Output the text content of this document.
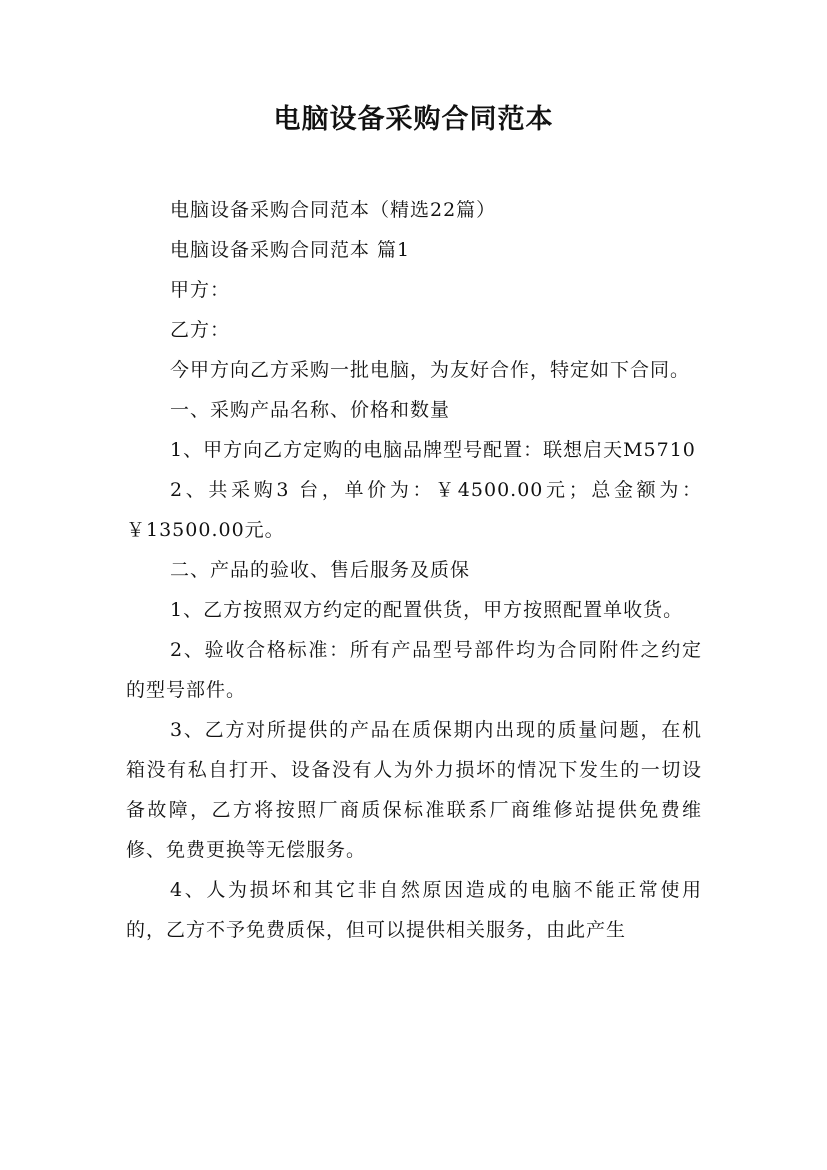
电脑设备采购合同范本

电脑设备采购合同范本（精选22篇）

电脑设备采购合同范本 篇1

甲方：

乙方：

今甲方向乙方采购一批电脑，为友好合作，特定如下合同。

一、采购产品名称、价格和数量

1、甲方向乙方定购的电脑品牌型号配置：联想启天M5710

2、共采购3 台，单价为：￥4500.00元；总金额为：￥13500.00元。

二、产品的验收、售后服务及质保

1、乙方按照双方约定的配置供货，甲方按照配置单收货。

2、验收合格标准：所有产品型号部件均为合同附件之约定的型号部件。

3、乙方对所提供的产品在质保期内出现的质量问题，在机箱没有私自打开、设备没有人为外力损坏的情况下发生的一切设备故障，乙方将按照厂商质保标准联系厂商维修站提供免费维修、免费更换等无偿服务。

4、人为损坏和其它非自然原因造成的电脑不能正常使用的，乙方不予免费质保，但可以提供相关服务，由此产生
